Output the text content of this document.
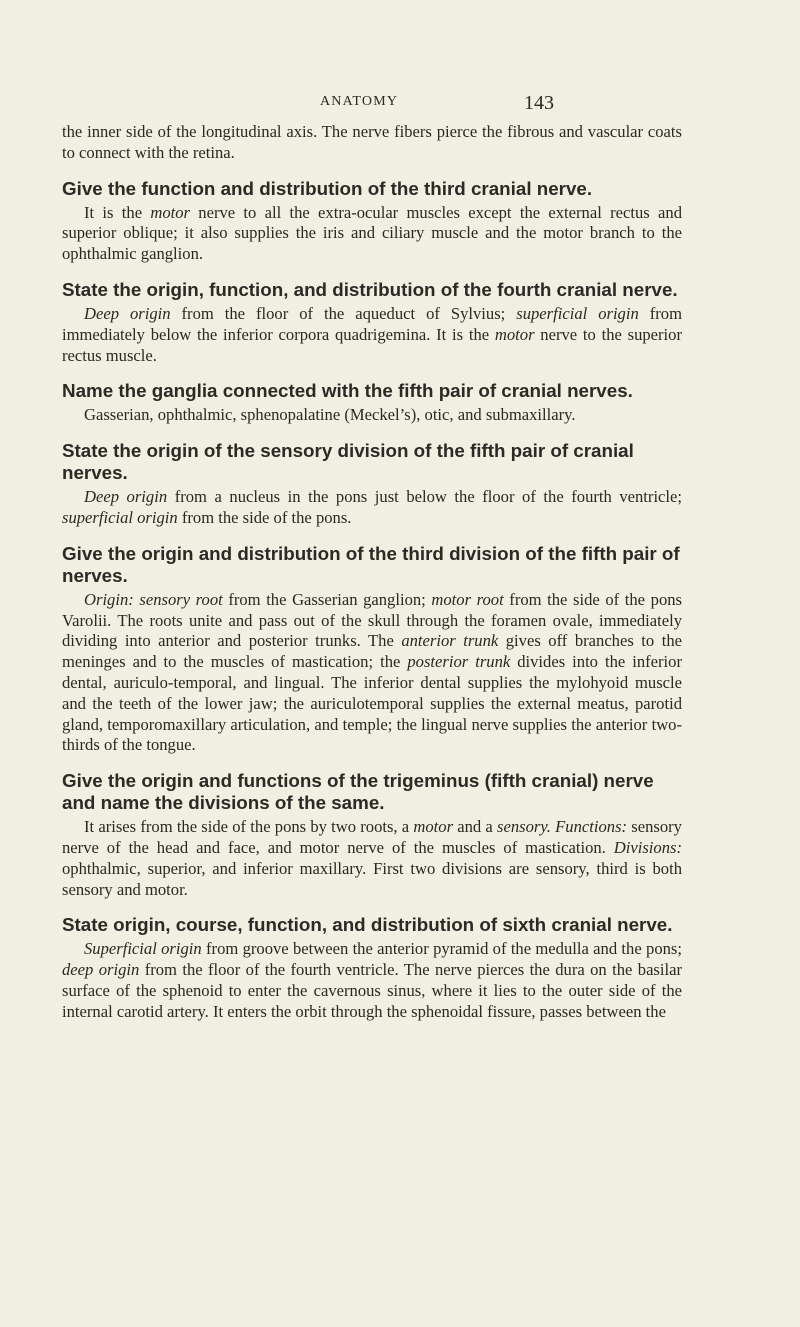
ANATOMY	143

the inner side of the longitudinal axis. The nerve fibers pierce the fibrous and vascular coats to connect with the retina.

Give the function and distribution of the third cranial nerve.

It is the motor nerve to all the extra-ocular muscles except the external rectus and superior oblique; it also supplies the iris and ciliary muscle and the motor branch to the ophthalmic ganglion.

State the origin, function, and distribution of the fourth cranial nerve.

Deep origin from the floor of the aqueduct of Sylvius; superficial origin from immediately below the inferior corpora quadrigemina. It is the motor nerve to the superior rectus muscle.

Name the ganglia connected with the fifth pair of cranial nerves.

Gasserian, ophthalmic, sphenopalatine (Meckel’s), otic, and submaxillary.

State the origin of the sensory division of the fifth pair of cranial nerves.

Deep origin from a nucleus in the pons just below the floor of the fourth ventricle; superficial origin from the side of the pons.

Give the origin and distribution of the third division of the fifth pair of nerves.

Origin: sensory root from the Gasserian ganglion; motor root from the side of the pons Varolii. The roots unite and pass out of the skull through the foramen ovale, immediately dividing into anterior and posterior trunks. The anterior trunk gives off branches to the meninges and to the muscles of mastication; the posterior trunk divides into the inferior dental, auriculo-temporal, and lingual. The inferior dental supplies the mylohyoid muscle and the teeth of the lower jaw; the auriculotemporal supplies the external meatus, parotid gland, temporomaxillary articulation, and temple; the lingual nerve supplies the anterior two-thirds of the tongue.

Give the origin and functions of the trigeminus (fifth cranial) nerve and name the divisions of the same.

It arises from the side of the pons by two roots, a motor and a sensory. Functions: sensory nerve of the head and face, and motor nerve of the muscles of mastication. Divisions: ophthalmic, superior, and inferior maxillary. First two divisions are sensory, third is both sensory and motor.

State origin, course, function, and distribution of sixth cranial nerve.

Superficial origin from groove between the anterior pyramid of the medulla and the pons; deep origin from the floor of the fourth ventricle. The nerve pierces the dura on the basilar surface of the sphenoid to enter the cavernous sinus, where it lies to the outer side of the internal carotid artery. It enters the orbit through the sphenoidal fissure, passes between the
